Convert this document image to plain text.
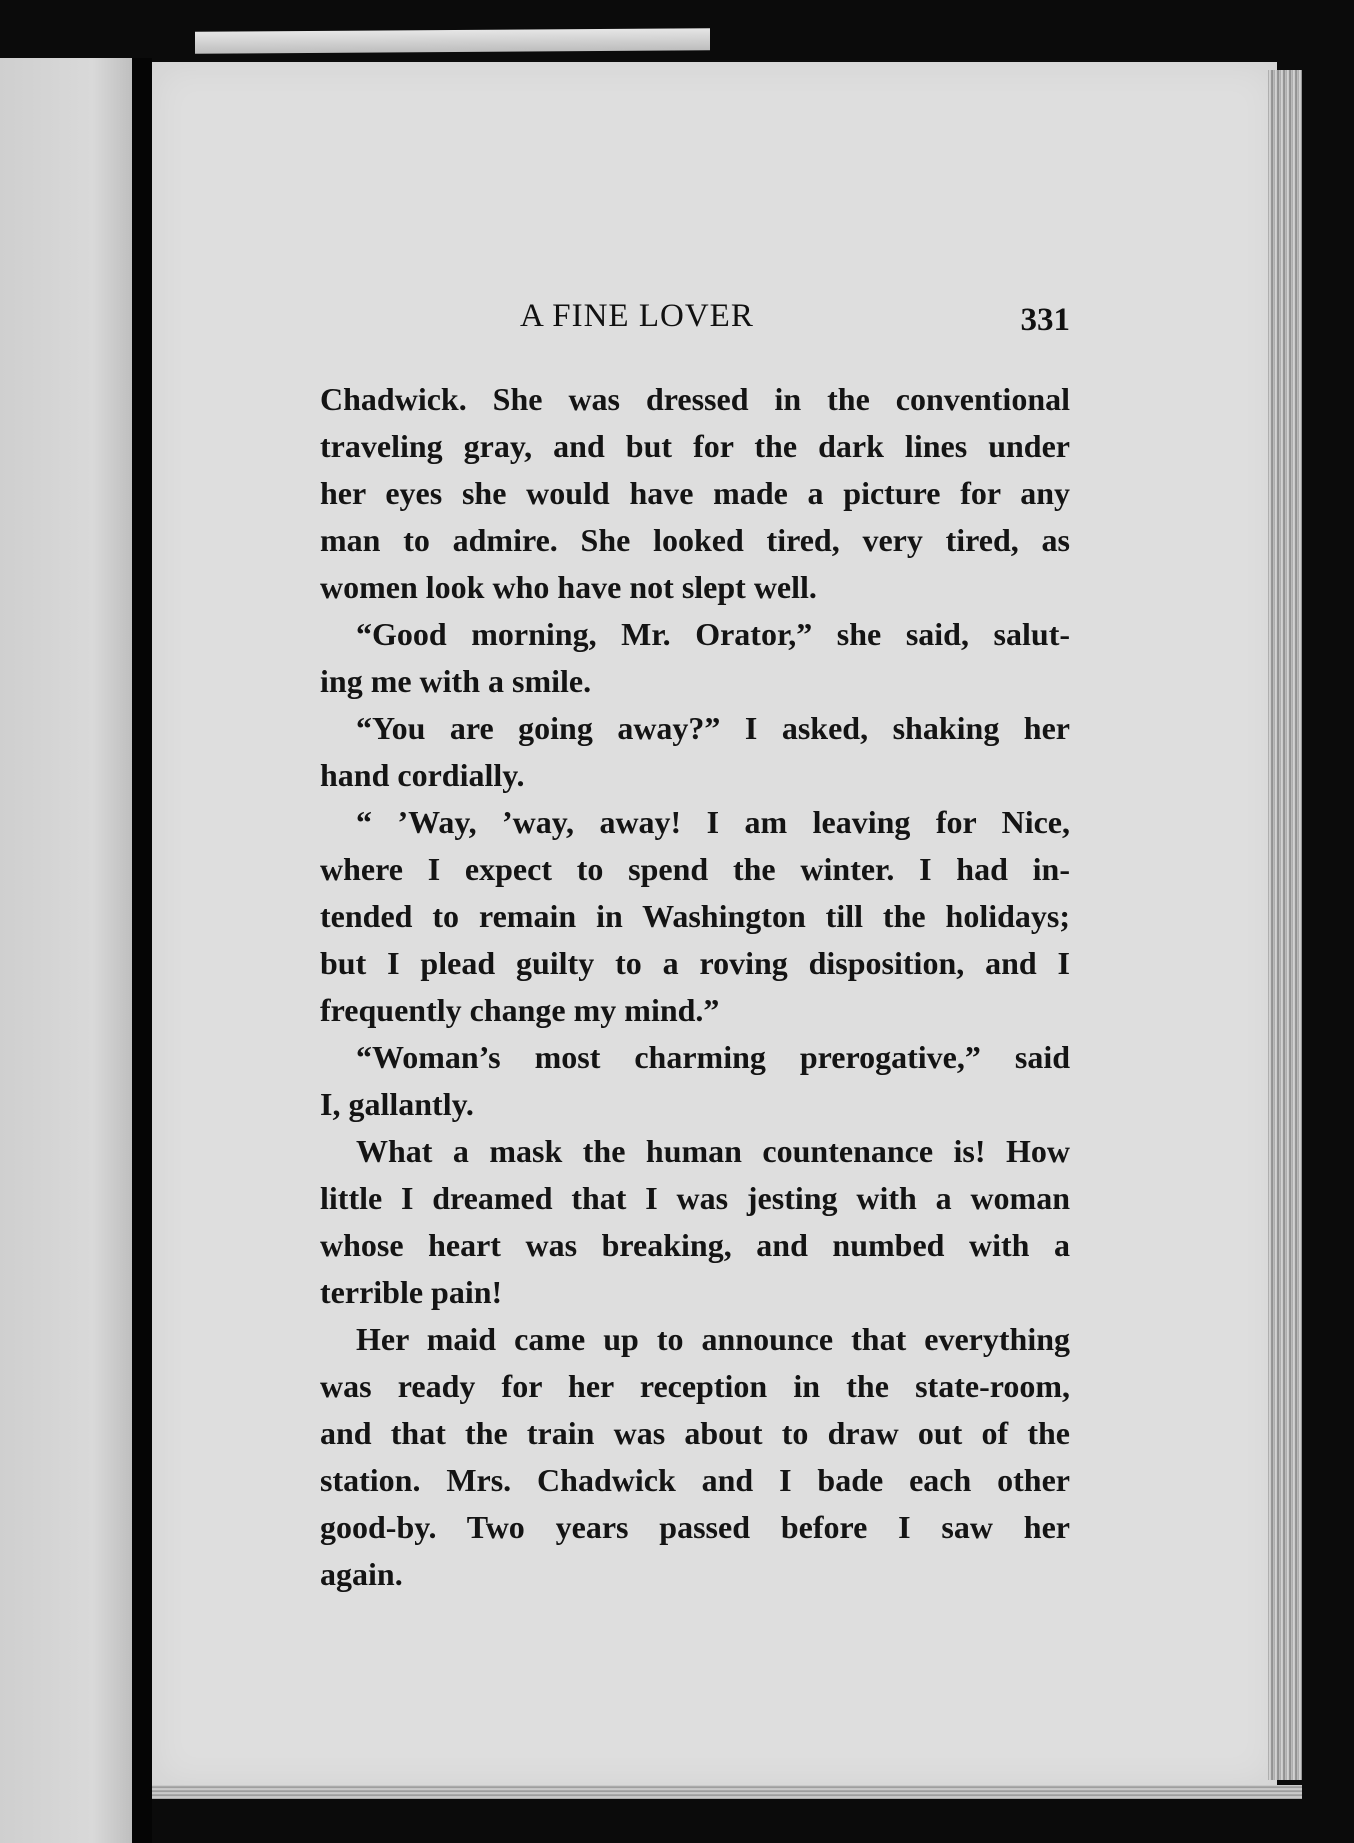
A FINE LOVER	331
Chadwick. She was dressed in the conventional
traveling gray, and but for the dark lines under
her eyes she would have made a picture for any
man to admire. She looked tired, very tired, as
women look who have not slept well.
“Good morning, Mr. Orator,” she said, salut-
ing me with a smile.
“You are going away?” I asked, shaking her
hand cordially.
“ ’Way, ’way, away! I am leaving for Nice,
where I expect to spend the winter. I had in-
tended to remain in Washington till the holidays;
but I plead guilty to a roving disposition, and I
frequently change my mind.”
“Woman’s most charming prerogative,” said
I, gallantly.
What a mask the human countenance is! How
little I dreamed that I was jesting with a woman
whose heart was breaking, and numbed with a
terrible pain!
Her maid came up to announce that everything
was ready for her reception in the state-room,
and that the train was about to draw out of the
station. Mrs. Chadwick and I bade each other
good-by. Two years passed before I saw her
again.
